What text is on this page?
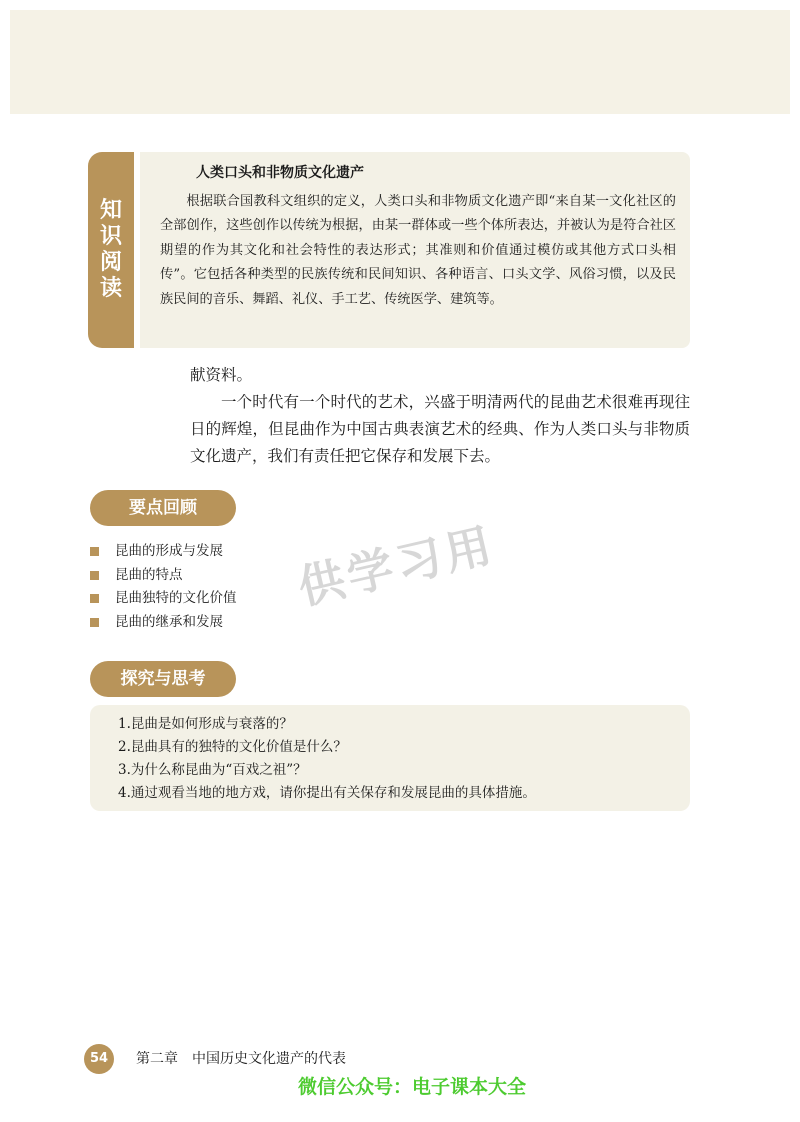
知
识
阅
读
人类口头和非物质文化遗产

根据联合国教科文组织的定义，人类口头和非物质文化遗产即“来自某一文化社区的全部创作，这些创作以传统为根据，由某一群体或一些个体所表达，并被认为是符合社区期望的作为其文化和社会特性的表达形式；其准则和价值通过模仿或其他方式口头相传”。它包括各种类型的民族传统和民间知识、各种语言、口头文学、风俗习惯，以及民族民间的音乐、舞蹈、礼仪、手工艺、传统医学、建筑等。

献资料。

一个时代有一个时代的艺术，兴盛于明清两代的昆曲艺术很难再现往日的辉煌，但昆曲作为中国古典表演艺术的经典、作为人类口头与非物质文化遗产，我们有责任把它保存和发展下去。

要点回顾
昆曲的形成与发展
昆曲的特点
昆曲独特的文化价值
昆曲的继承和发展
供学习用
探究与思考
1.昆曲是如何形成与衰落的？
2.昆曲具有的独特的文化价值是什么？
3.为什么称昆曲为“百戏之祖”？
4.通过观看当地的地方戏，请你提出有关保存和发展昆曲的具体措施。
54	第二章 中国历史文化遗产的代表
微信公众号：电子课本大全
